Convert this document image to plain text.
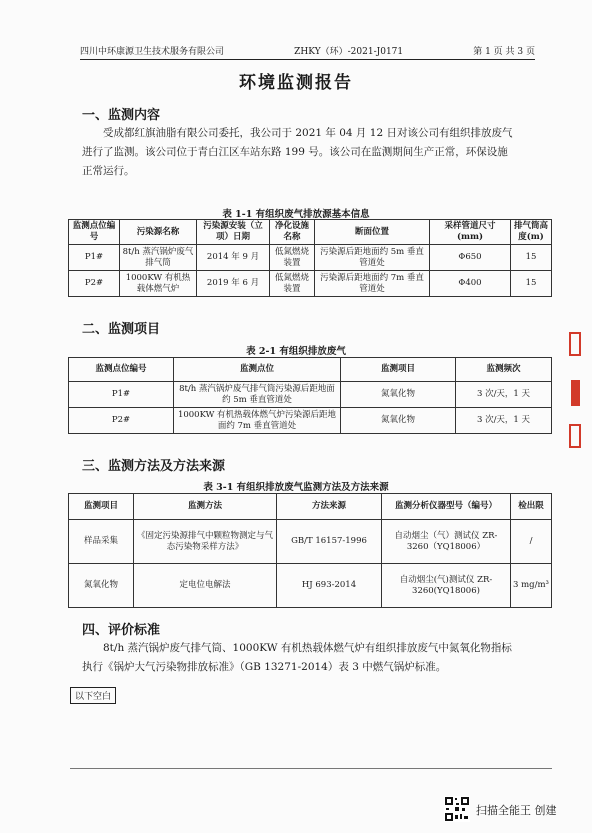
四川中环康源卫生技术服务有限公司	ZHKY（环）-2021-J0171	第 1 页 共 3 页
环境监测报告
一、监测内容
受成都红旗油脂有限公司委托，我公司于 2021 年 04 月 12 日对该公司有组织排放废气
进行了监测。该公司位于青白江区车站东路 199 号。该公司在监测期间生产正常，环保设施
正常运行。
表 1-1 有组织废气排放源基本信息
监测点位编号	污染源名称	污染源安装（立项）日期	净化设施名称	断面位置	采样管道尺寸(mm)	排气筒高度(m)
P1#	8t/h 蒸汽锅炉废气排气筒	2014 年 9 月	低氮燃烧装置	污染源后距地面约 5m 垂直管道处	Φ650	15
P2#	1000KW 有机热载体燃气炉	2019 年 6 月	低氮燃烧装置	污染源后距地面约 7m 垂直管道处	Φ400	15
二、监测项目
表 2-1 有组织排放废气
监测点位编号	监测点位	监测项目	监测频次
P1#	8t/h 蒸汽锅炉废气排气筒污染源后距地面约 5m 垂直管道处	氮氧化物	3 次/天，1 天
P2#	1000KW 有机热载体燃气炉污染源后距地面约 7m 垂直管道处	氮氧化物	3 次/天，1 天
三、监测方法及方法来源
表 3-1 有组织排放废气监测方法及方法来源
监测项目	监测方法	方法来源	监测分析仪器型号（编号）	检出限
样品采集	《固定污染源排气中颗粒物测定与气态污染物采样方法》	GB/T 16157-1996	自动烟尘（气）测试仪 ZR-3260（YQ18006）	/
氮氧化物	定电位电解法	HJ 693-2014	自动烟尘(气)测试仪 ZR-3260(YQ18006)	3 mg/m³
四、评价标准
8t/h 蒸汽锅炉废气排气筒、1000KW 有机热载体燃气炉有组织排放废气中氮氧化物指标
执行《锅炉大气污染物排放标准》（GB 13271-2014）表 3 中燃气锅炉标准。
以下空白
扫描全能王 创建
